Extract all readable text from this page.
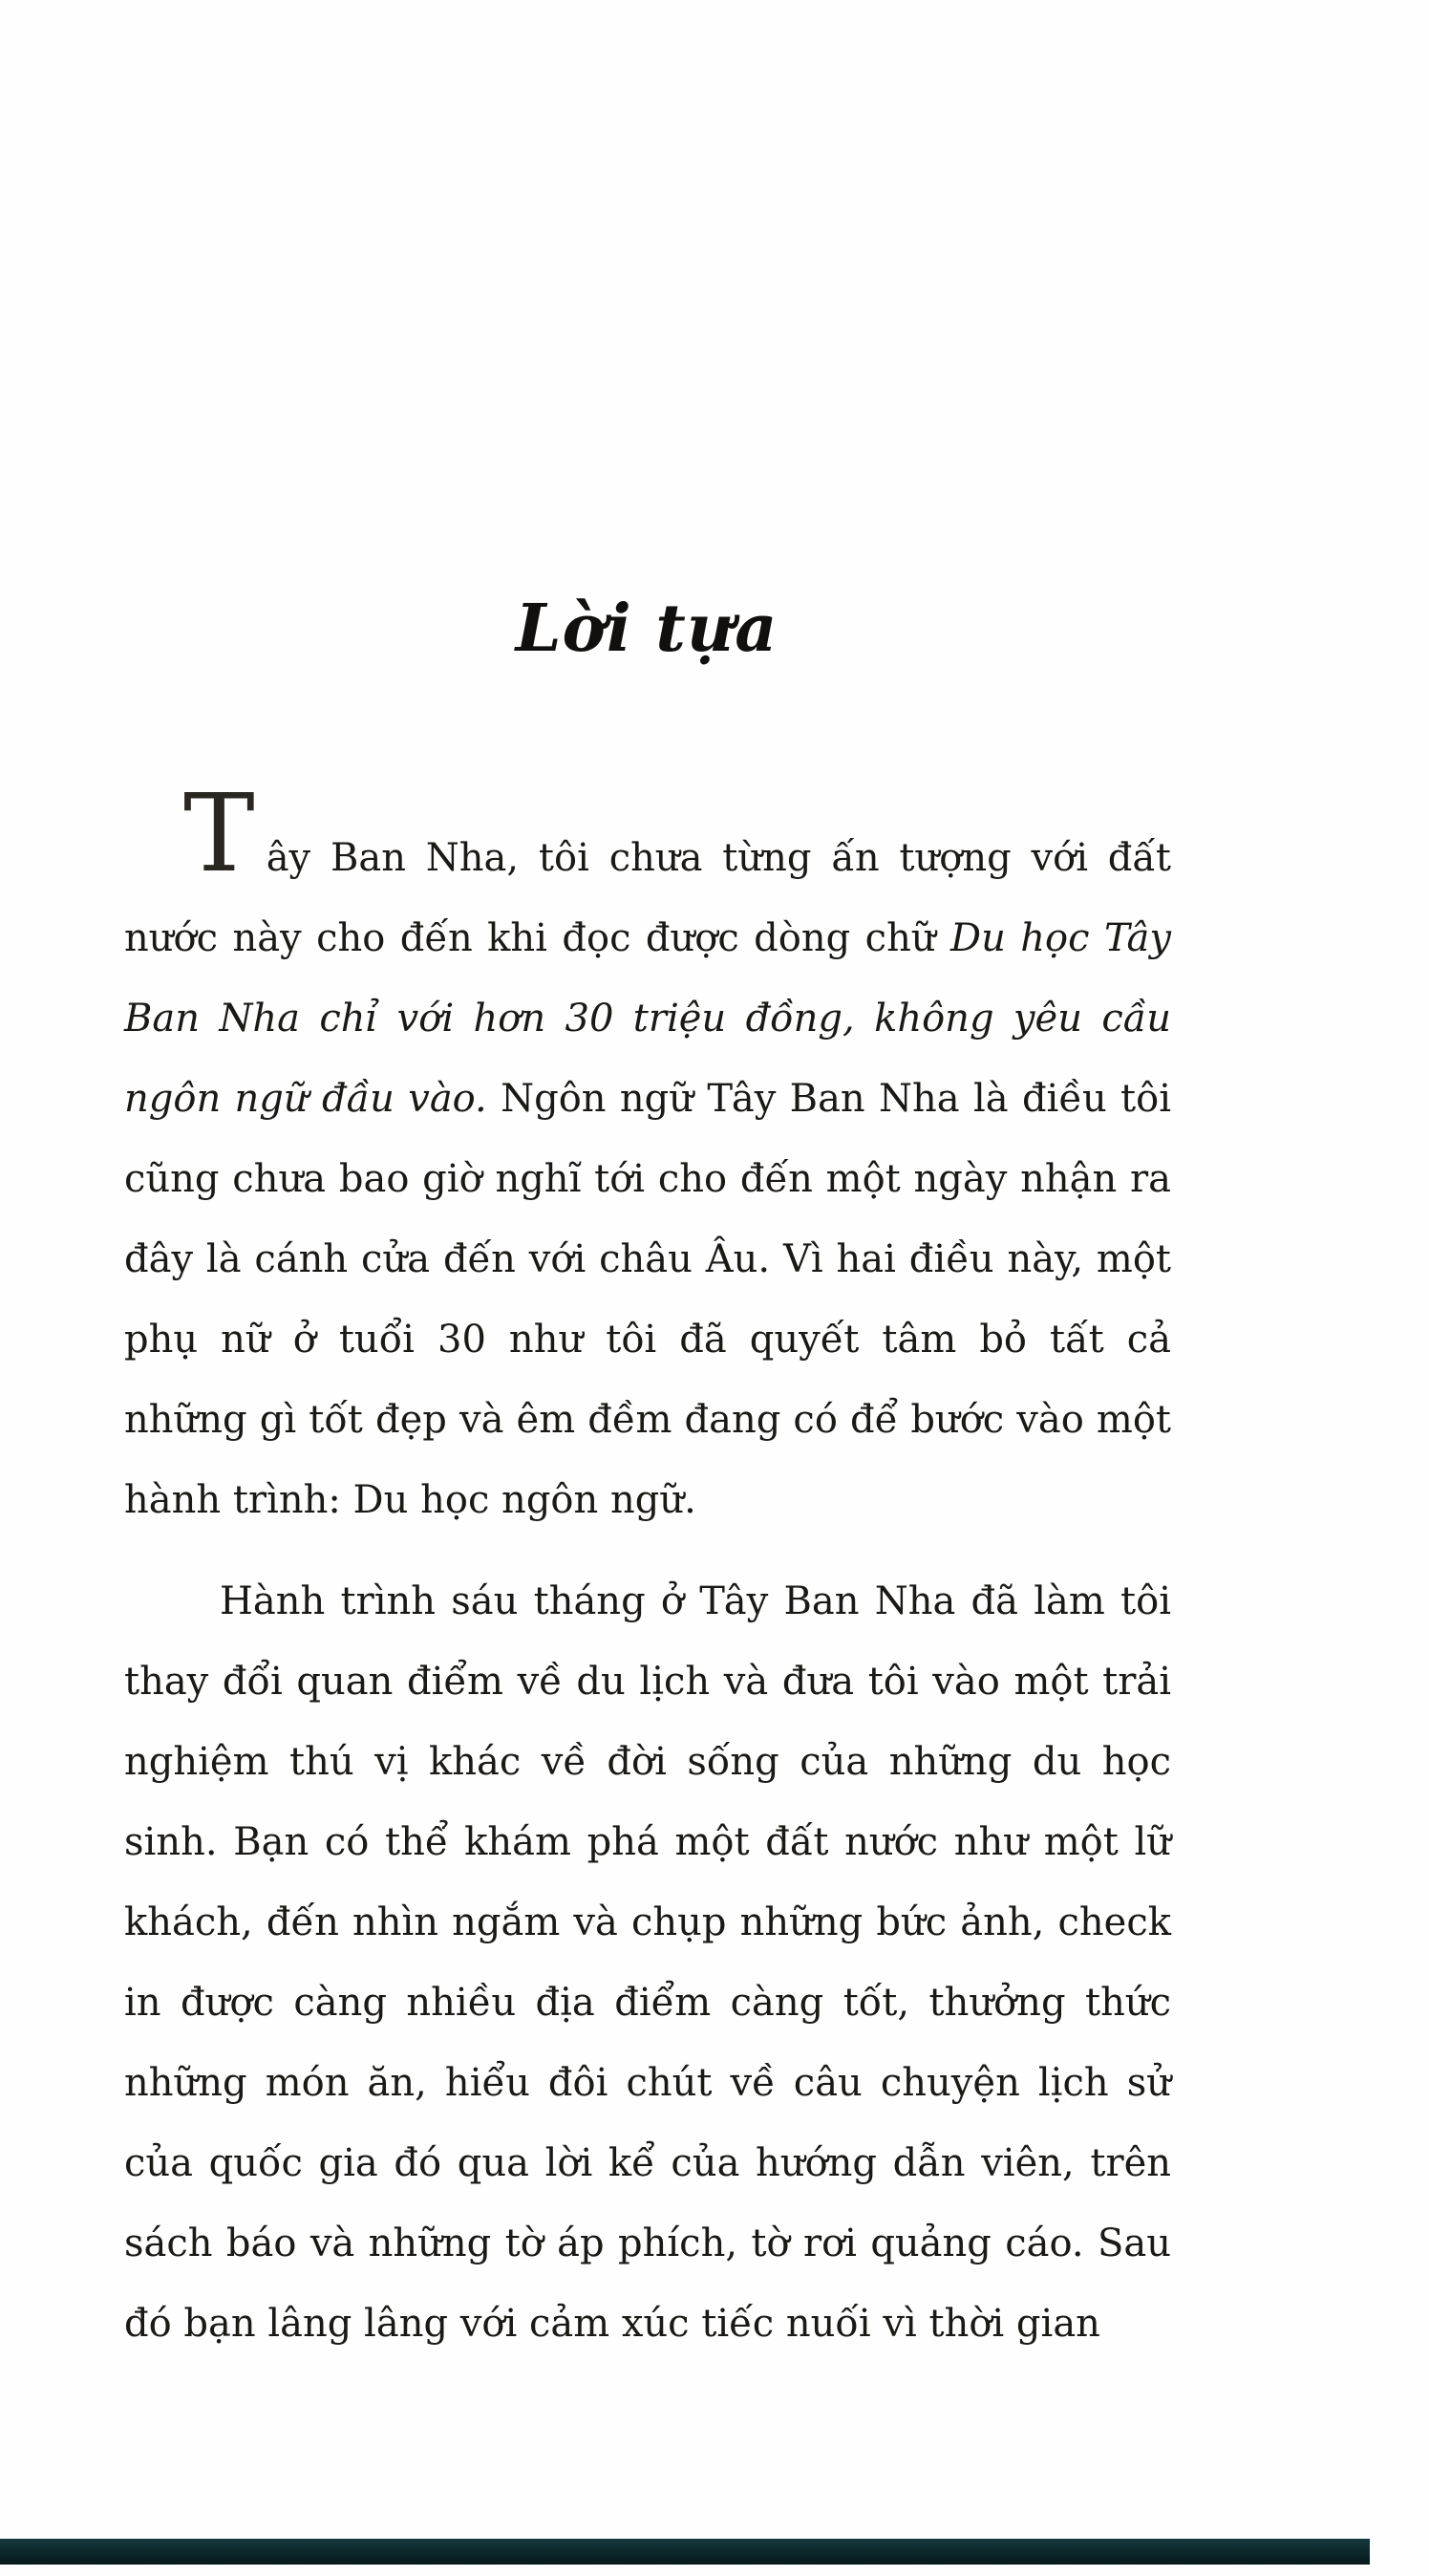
Lời tựa

Tây Ban Nha, tôi chưa từng ấn tượng với đất nước này cho đến khi đọc được dòng chữ Du học Tây Ban Nha chỉ với hơn 30 triệu đồng, không yêu cầu ngôn ngữ đầu vào. Ngôn ngữ Tây Ban Nha là điều tôi cũng chưa bao giờ nghĩ tới cho đến một ngày nhận ra đây là cánh cửa đến với châu Âu. Vì hai điều này, một phụ nữ ở tuổi 30 như tôi đã quyết tâm bỏ tất cả những gì tốt đẹp và êm đềm đang có để bước vào một hành trình: Du học ngôn ngữ.

Hành trình sáu tháng ở Tây Ban Nha đã làm tôi thay đổi quan điểm về du lịch và đưa tôi vào một trải nghiệm thú vị khác về đời sống của những du học sinh. Bạn có thể khám phá một đất nước như một lữ khách, đến nhìn ngắm và chụp những bức ảnh, check in được càng nhiều địa điểm càng tốt, thưởng thức những món ăn, hiểu đôi chút về câu chuyện lịch sử của quốc gia đó qua lời kể của hướng dẫn viên, trên sách báo và những tờ áp phích, tờ rơi quảng cáo. Sau đó bạn lâng lâng với cảm xúc tiếc nuối vì thời gian
